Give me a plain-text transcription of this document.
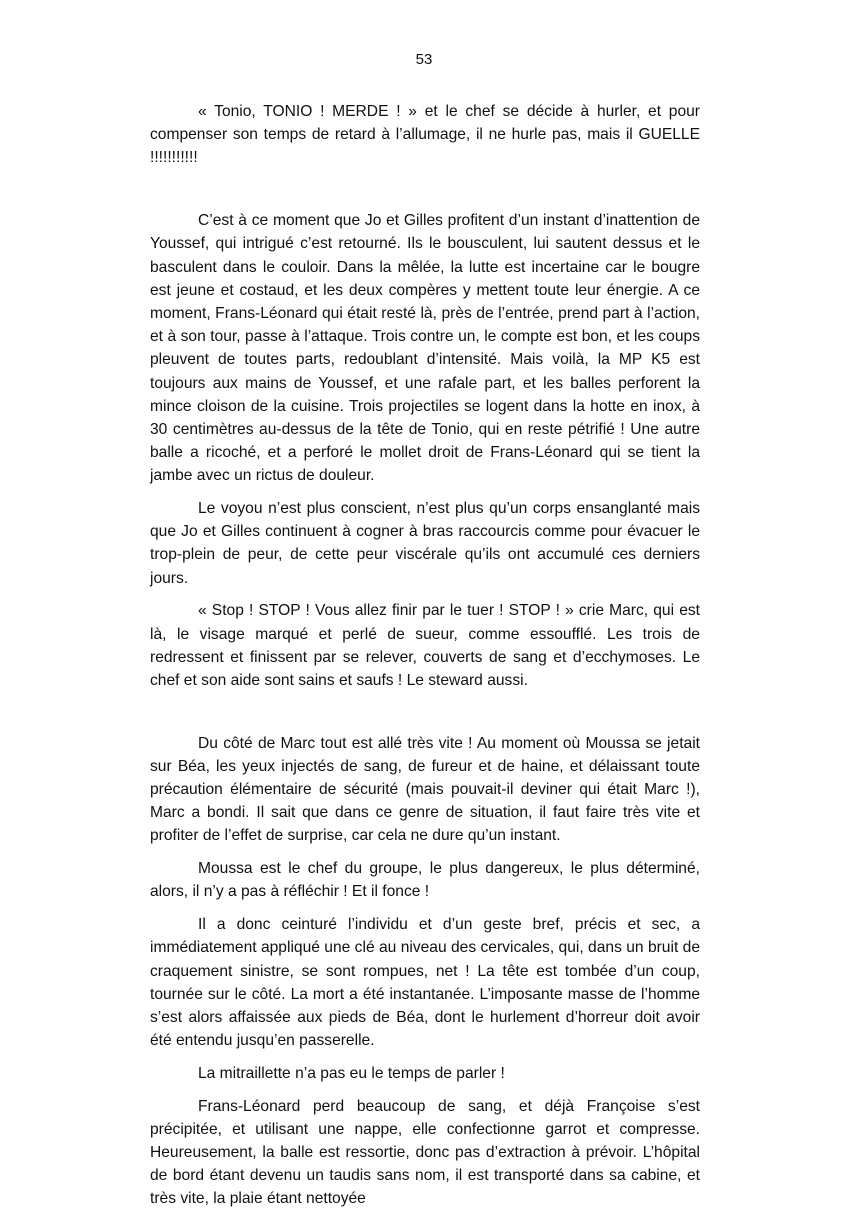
53

« Tonio, TONIO ! MERDE ! » et le chef se décide à hurler, et pour compenser son temps de retard à l’allumage, il ne hurle pas, mais il GUELLE !!!!!!!!!!!

C’est à ce moment que Jo et Gilles profitent d’un instant d’inattention de Youssef, qui intrigué c’est retourné. Ils le bousculent, lui sautent dessus et le basculent dans le couloir. Dans la mêlée, la lutte est incertaine car le bougre est jeune et costaud, et les deux compères y mettent toute leur énergie. A ce moment, Frans-Léonard qui était resté là, près de l’entrée, prend part à l’action, et à son tour, passe à l’attaque. Trois contre un, le compte est bon, et les coups pleuvent de toutes parts, redoublant d’intensité. Mais voilà, la MP K5 est toujours aux mains de Youssef, et une rafale part, et les balles perforent la mince cloison de la cuisine. Trois projectiles se logent dans la hotte en inox, à 30 centimètres au-dessus de la tête de Tonio, qui en reste pétrifié ! Une autre balle a ricoché, et a perforé le mollet droit de Frans-Léonard qui se tient la jambe avec un rictus de douleur.

Le voyou n’est plus conscient, n’est plus qu’un corps ensanglanté mais que Jo et Gilles continuent à cogner à bras raccourcis comme pour évacuer le trop-plein de peur, de cette peur viscérale qu’ils ont accumulé ces derniers jours.

« Stop ! STOP ! Vous allez finir par le tuer ! STOP ! » crie Marc, qui est là, le visage marqué et perlé de sueur, comme essoufflé. Les trois de redressent et finissent par se relever, couverts de sang et d’ecchymoses. Le chef et son aide sont sains et saufs ! Le steward aussi.

Du côté de Marc tout est allé très vite ! Au moment où Moussa se jetait sur Béa, les yeux injectés de sang, de fureur et de haine, et délaissant toute précaution élémentaire de sécurité (mais pouvait-il deviner qui était Marc !), Marc a bondi. Il sait que dans ce genre de situation, il faut faire très vite et profiter de l’effet de surprise, car cela ne dure qu’un instant.

Moussa est le chef du groupe, le plus dangereux, le plus déterminé, alors, il n’y a pas à réfléchir ! Et il fonce !

Il a donc ceinturé l’individu et d’un geste bref, précis et sec, a immédiatement appliqué une clé au niveau des cervicales, qui, dans un bruit de craquement sinistre, se sont rompues, net ! La tête est tombée d’un coup, tournée sur le côté. La mort a été instantanée. L’imposante masse de l’homme s’est alors affaissée aux pieds de Béa, dont le hurlement d’horreur doit avoir été entendu jusqu’en passerelle.

La mitraillette n’a pas eu le temps de parler !

Frans-Léonard perd beaucoup de sang, et déjà Françoise s’est précipitée, et utilisant une nappe, elle confectionne garrot et compresse. Heureusement, la balle est ressortie, donc pas d’extraction à prévoir. L’hôpital de bord étant devenu un taudis sans nom, il est transporté dans sa cabine, et très vite, la plaie étant nettoyée
